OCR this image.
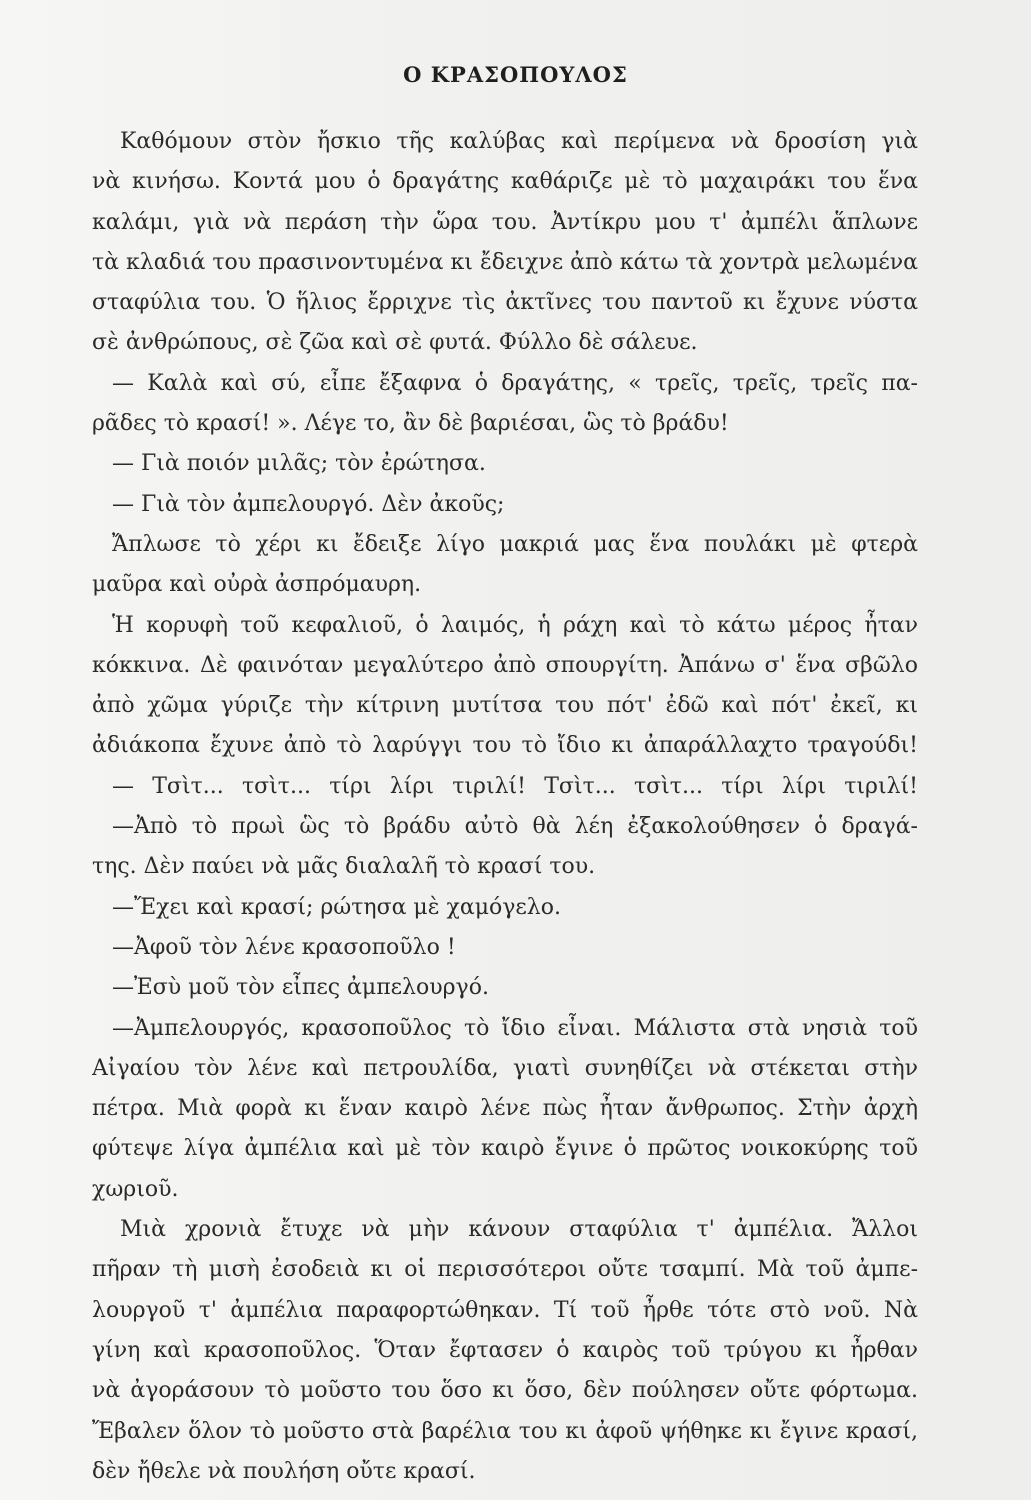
Ο ΚΡΑΣΟΠΟΥΛΟΣ
Καθόμουν στὸν ἤσκιο τῆς καλύβας καὶ περίμενα νὰ δροσίση γιὰ
νὰ κινήσω. Κοντά μου ὁ δραγάτης καθάριζε μὲ τὸ μαχαιράκι του ἕνα
καλάμι, γιὰ νὰ περάση τὴν ὥρα του. Ἀντίκρυ μου τ' ἀμπέλι ἅπλωνε
τὰ κλαδιά του πρασινοντυμένα κι ἔδειχνε ἀπὸ κάτω τὰ χοντρὰ μελωμένα
σταφύλια του. Ὁ ἥλιος ἔρριχνε τὶς ἀκτῖνες του παντοῦ κι ἔχυνε νύστα
σὲ ἀνθρώπους, σὲ ζῶα καὶ σὲ φυτά. Φύλλο δὲ σάλευε.
— Καλὰ καὶ σύ, εἶπε ἔξαφνα ὁ δραγάτης, « τρεῖς, τρεῖς, τρεῖς πα-
ρᾶδες τὸ κρασί! ». Λέγε το, ἂν δὲ βαριέσαι, ὣς τὸ βράδυ!
— Γιὰ ποιόν μιλᾶς; τὸν ἐρώτησα.
— Γιὰ τὸν ἀμπελουργό. Δὲν ἀκοῦς;
Ἄπλωσε τὸ χέρι κι ἔδειξε λίγο μακριά μας ἕνα πουλάκι μὲ φτερὰ
μαῦρα καὶ οὐρὰ ἀσπρόμαυρη.
Ἡ κορυφὴ τοῦ κεφαλιοῦ, ὁ λαιμός, ἡ ράχη καὶ τὸ κάτω μέρος ἦταν
κόκκινα. Δὲ φαινόταν μεγαλύτερο ἀπὸ σπουργίτη. Ἀπάνω σ' ἕνα σβῶλο
ἀπὸ χῶμα γύριζε τὴν κίτρινη μυτίτσα του πότ' ἐδῶ καὶ πότ' ἐκεῖ, κι
ἀδιάκοπα ἔχυνε ἀπὸ τὸ λαρύγγι του τὸ ἴδιο κι ἀπαράλλαχτο τραγούδι!
— Τσὶτ... τσὶτ... τίρι λίρι τιριλί! Τσὶτ... τσὶτ... τίρι λίρι τιριλί!
—Ἀπὸ τὸ πρωὶ ὣς τὸ βράδυ αὐτὸ θὰ λέη ἐξακολούθησεν ὁ δραγά-
της. Δὲν παύει νὰ μᾶς διαλαλῆ τὸ κρασί του.
—Ἔχει καὶ κρασί; ρώτησα μὲ χαμόγελο.
—Ἀφοῦ τὸν λένε κρασοποῦλο !
—Ἐσὺ μοῦ τὸν εἶπες ἀμπελουργό.
—Ἀμπελουργός, κρασοποῦλος τὸ ἴδιο εἶναι. Μάλιστα στὰ νησιὰ τοῦ
Αἰγαίου τὸν λένε καὶ πετρουλίδα, γιατὶ συνηθίζει νὰ στέκεται στὴν
πέτρα. Μιὰ φορὰ κι ἕναν καιρὸ λένε πὼς ἦταν ἄνθρωπος. Στὴν ἀρχὴ
φύτεψε λίγα ἀμπέλια καὶ μὲ τὸν καιρὸ ἔγινε ὁ πρῶτος νοικοκύρης τοῦ
χωριοῦ.
Μιὰ χρονιὰ ἔτυχε νὰ μὴν κάνουν σταφύλια τ' ἀμπέλια. Ἄλλοι
πῆραν τὴ μισὴ ἐσοδειὰ κι οἱ περισσότεροι οὔτε τσαμπί. Μὰ τοῦ ἀμπε-
λουργοῦ τ' ἀμπέλια παραφορτώθηκαν. Τί τοῦ ἦρθε τότε στὸ νοῦ. Νὰ
γίνη καὶ κρασοποῦλος. Ὅταν ἔφτασεν ὁ καιρὸς τοῦ τρύγου κι ἦρθαν
νὰ ἀγοράσουν τὸ μοῦστο του ὅσο κι ὅσο, δὲν πούλησεν οὔτε φόρτωμα.
Ἔβαλεν ὅλον τὸ μοῦστο στὰ βαρέλια του κι ἀφοῦ ψήθηκε κι ἔγινε κρασί,
δὲν ἤθελε νὰ πουλήση οὔτε κρασί.
